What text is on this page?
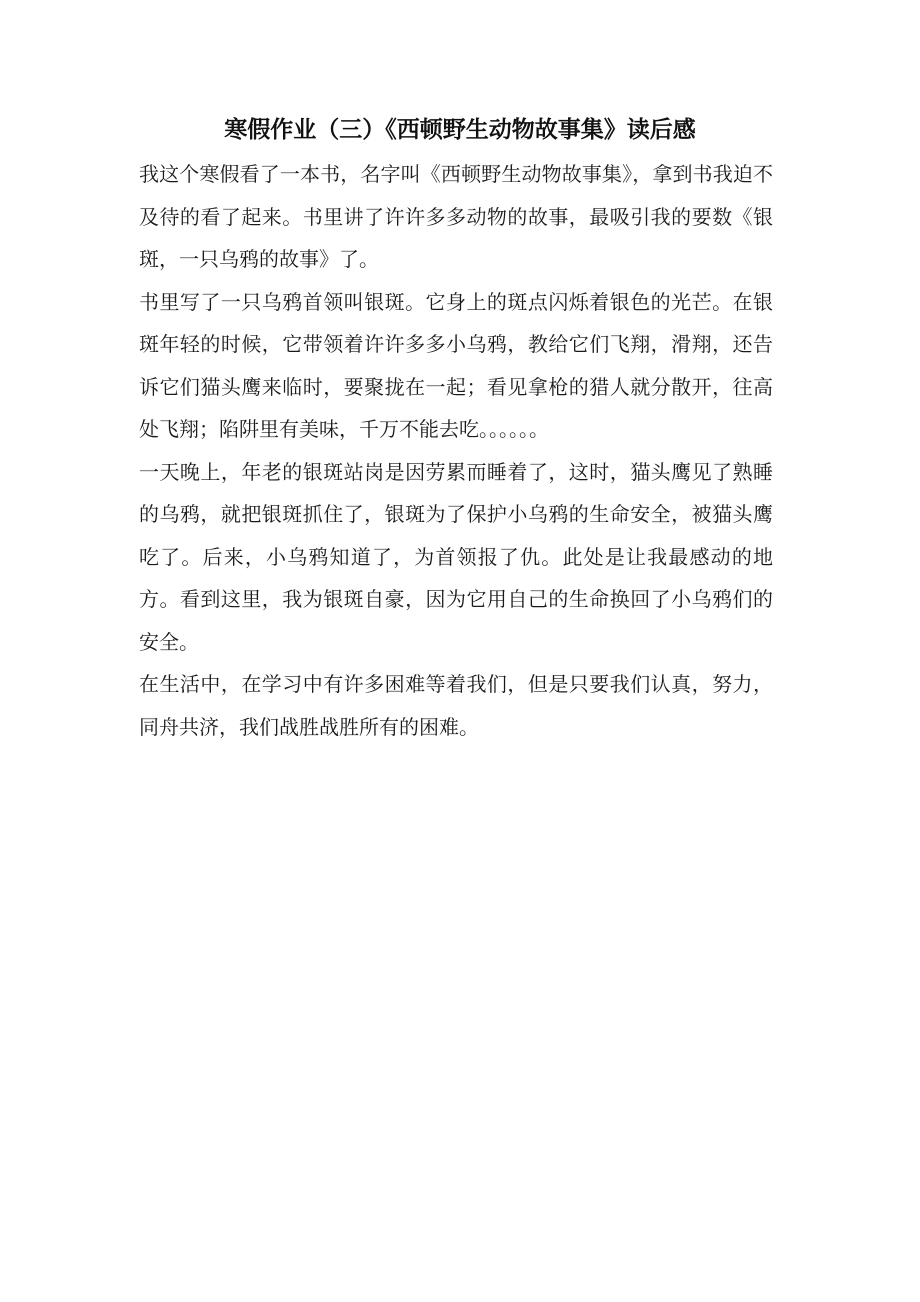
寒假作业（三）《西顿野生动物故事集》读后感

我这个寒假看了一本书，名字叫《西顿野生动物故事集》，拿到书我迫不及待的看了起来。书里讲了许许多多动物的故事，最吸引我的要数《银斑，一只乌鸦的故事》了。

书里写了一只乌鸦首领叫银斑。它身上的斑点闪烁着银色的光芒。在银斑年轻的时候，它带领着许许多多小乌鸦，教给它们飞翔，滑翔，还告诉它们猫头鹰来临时，要聚拢在一起；看见拿枪的猎人就分散开，往高处飞翔；陷阱里有美味，千万不能去吃。。。。。。

一天晚上，年老的银斑站岗是因劳累而睡着了，这时，猫头鹰见了熟睡的乌鸦，就把银斑抓住了，银斑为了保护小乌鸦的生命安全，被猫头鹰吃了。后来，小乌鸦知道了，为首领报了仇。此处是让我最感动的地方。看到这里，我为银斑自豪，因为它用自己的生命换回了小乌鸦们的安全。

在生活中，在学习中有许多困难等着我们，但是只要我们认真，努力，同舟共济，我们战胜战胜所有的困难。
